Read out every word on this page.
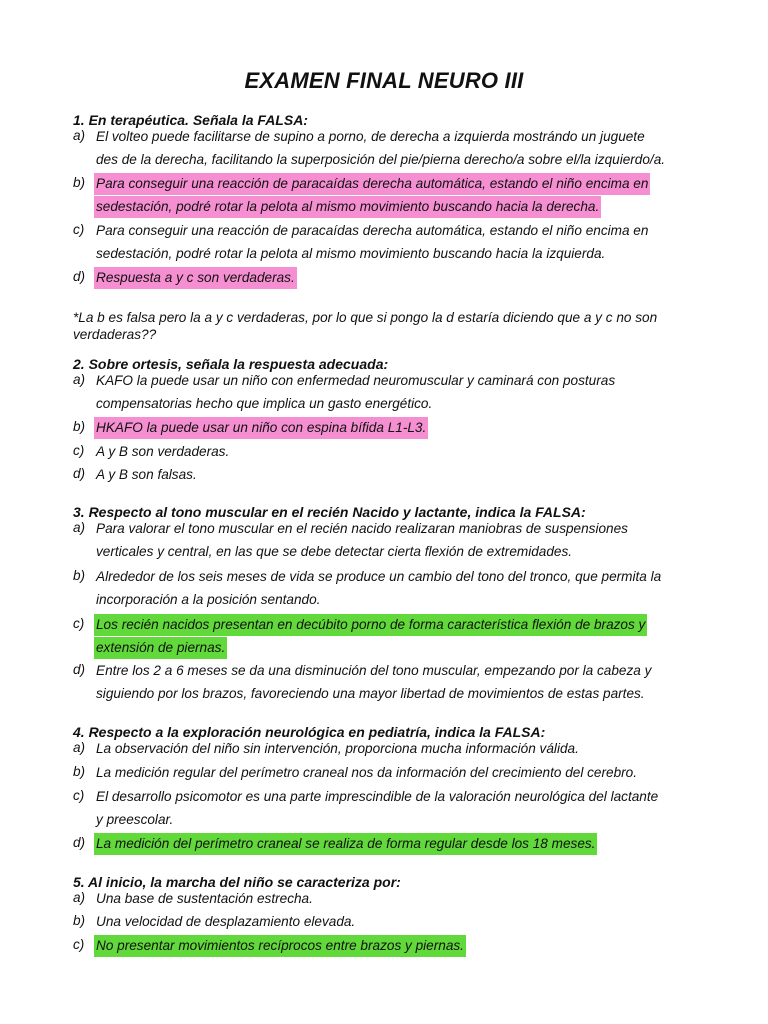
EXAMEN FINAL NEURO III
1. En terapéutica. Señala la FALSA:
a) El volteo puede facilitarse de supino a porno, de derecha a izquierda mostrándo un juguete
des de la derecha, facilitando la superposición del pie/pierna derecho/a sobre el/la izquierdo/a.
b) Para conseguir una reacción de paracaídas derecha automática, estando el niño encima en
sedestación, podré rotar la pelota al mismo movimiento buscando hacia la derecha.
c) Para conseguir una reacción de paracaídas derecha automática, estando el niño encima en
sedestación, podré rotar la pelota al mismo movimiento buscando hacia la izquierda.
d) Respuesta a y c son verdaderas.
*La b es falsa pero la a y c verdaderas, por lo que si pongo la d estaría diciendo que a y c no son
verdaderas??
2. Sobre ortesis, señala la respuesta adecuada:
a) KAFO la puede usar un niño con enfermedad neuromuscular y caminará con posturas
compensatorias hecho que implica un gasto energético.
b) HKAFO la puede usar un niño con espina bífida L1-L3.
c) A y B son verdaderas.
d) A y B son falsas.
3. Respecto al tono muscular en el recién Nacido y lactante, indica la FALSA:
a) Para valorar el tono muscular en el recién nacido realizaran maniobras de suspensiones
verticales y central, en las que se debe detectar cierta flexión de extremidades.
b) Alrededor de los seis meses de vida se produce un cambio del tono del tronco, que permita la
incorporación a la posición sentando.
c) Los recién nacidos presentan en decúbito porno de forma característica flexión de brazos y
extensión de piernas.
d) Entre los 2 a 6 meses se da una disminución del tono muscular, empezando por la cabeza y
siguiendo por los brazos, favoreciendo una mayor libertad de movimientos de estas partes.
4. Respecto a la exploración neurológica en pediatría, indica la FALSA:
a) La observación del niño sin intervención, proporciona mucha información válida.
b) La medición regular del perímetro craneal nos da información del crecimiento del cerebro.
c) El desarrollo psicomotor es una parte imprescindible de la valoración neurológica del lactante
y preescolar.
d) La medición del perímetro craneal se realiza de forma regular desde los 18 meses.
5. Al inicio, la marcha del niño se caracteriza por:
a) Una base de sustentación estrecha.
b) Una velocidad de desplazamiento elevada.
c) No presentar movimientos recíprocos entre brazos y piernas.
